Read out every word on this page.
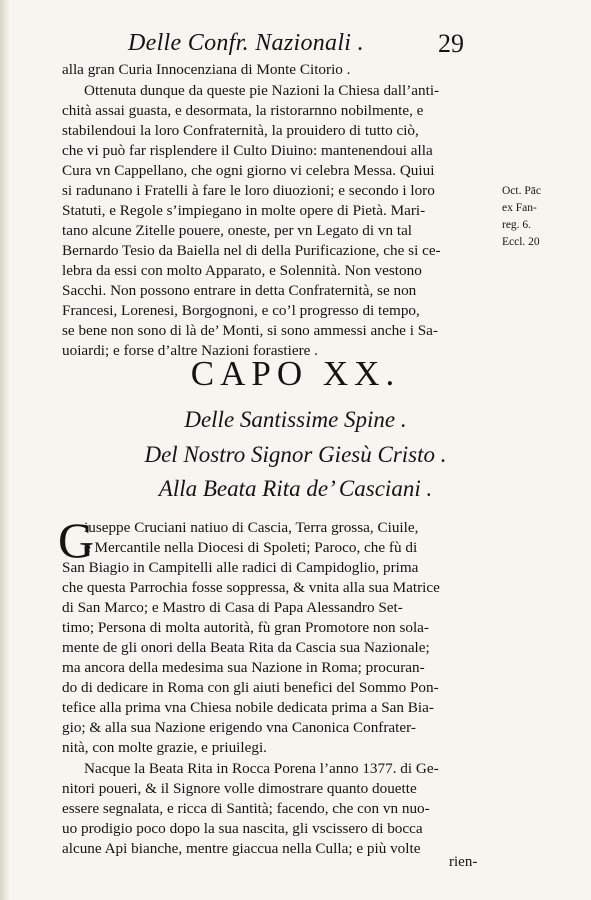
Delle Confr. Nazionali .	29
alla gran Curia Innocenziana di Monte Citorio .
Ottenuta dunque da queste pie Nazioni la Chiesa dall’anti-
chità assai guasta, e desormata, la ristorarnno nobilmente, e
stabilendoui la loro Confraternità, la prouidero di tutto ciò,
che vi può far risplendere il Culto Diuino: mantenendoui alla
Cura vn Cappellano, che ogni giorno vi celebra Messa. Quiui
si radunano i Fratelli à fare le loro diuozioni; e secondo i loro
Statuti, e Regole s’impiegano in molte opere di Pietà. Mari-
tano alcune Zitelle pouere, oneste, per vn Legato di vn tal
Bernardo Tesio da Baiella nel di della Purificazione, che si ce-
lebra da essi con molto Apparato, e Solennità. Non vestono
Sacchi. Non possono entrare in detta Confraternità, se non
Francesi, Lorenesi, Borgognoni, e co’l progresso di tempo,
se bene non sono di là de’ Monti, si sono ammessi anche i Sa-
uoiardi; e forse d’altre Nazioni forastiere .
Oct. Pāc
ex Fan-
reg. 6.
Eccl. 20
CAPO XX.
Delle Santissime Spine .
Del Nostro Signor Giesù Cristo .
Alla Beata Rita de’ Casciani .
G
iuseppe Cruciani natiuo di Cascia, Terra grossa, Ciuile,
e Mercantile nella Diocesi di Spoleti; Paroco, che fù di
San Biagio in Campitelli alle radici di Campidoglio, prima
che questa Parrochia fosse soppressa, & vnita alla sua Matrice
di San Marco; e Mastro di Casa di Papa Alessandro Set-
timo; Persona di molta autorità, fù gran Promotore non sola-
mente de gli onori della Beata Rita da Cascia sua Nazionale;
ma ancora della medesima sua Nazione in Roma; procuran-
do di dedicare in Roma con gli aiuti benefici del Sommo Pon-
tefice alla prima vna Chiesa nobile dedicata prima a San Bia-
gio; & alla sua Nazione erigendo vna Canonica Confrater-
nità, con molte grazie, e priuilegi.
Nacque la Beata Rita in Rocca Porena l’anno 1377. di Ge-
nitori poueri, & il Signore volle dimostrare quanto douette
essere segnalata, e ricca di Santità; facendo, che con vn nuo-
uo prodigio poco dopo la sua nascita, gli vscissero di bocca
alcune Api bianche, mentre giaccua nella Culla; e più volte
rien-
